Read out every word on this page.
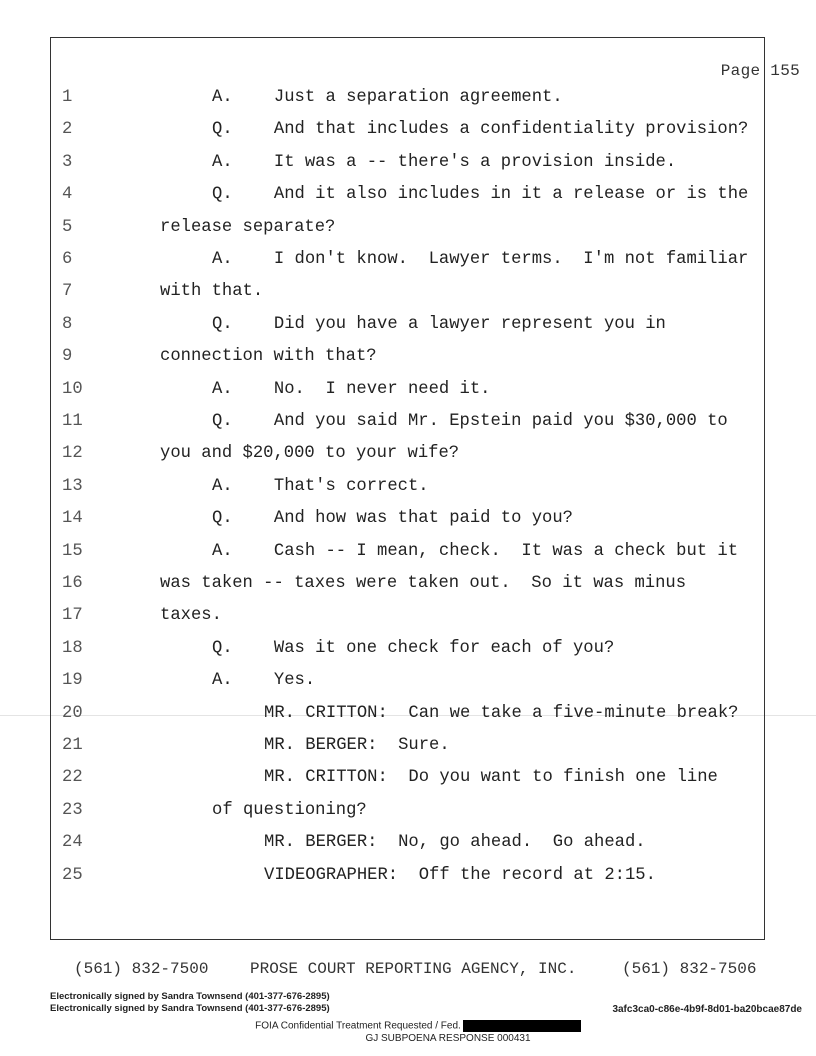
Page 155
1	A.    Just a separation agreement.
2	Q.    And that includes a confidentiality provision?
3	A.    It was a -- there's a provision inside.
4	Q.    And it also includes in it a release or is the
5	release separate?
6	A.    I don't know.  Lawyer terms.  I'm not familiar
7	with that.
8	Q.    Did you have a lawyer represent you in
9	connection with that?
10	A.    No.  I never need it.
11	Q.    And you said Mr. Epstein paid you $30,000 to
12	you and $20,000 to your wife?
13	A.    That's correct.
14	Q.    And how was that paid to you?
15	A.    Cash -- I mean, check.  It was a check but it
16	was taken -- taxes were taken out.  So it was minus
17	taxes.
18	Q.    Was it one check for each of you?
19	A.    Yes.
20	MR. CRITTON:  Can we take a five-minute break?
21	MR. BERGER:  Sure.
22	MR. CRITTON:  Do you want to finish one line
23	of questioning?
24	MR. BERGER:  No, go ahead.  Go ahead.
25	VIDEOGRAPHER:  Off the record at 2:15.
(561) 832-7500	PROSE COURT REPORTING AGENCY, INC.	(561) 832-7506
Electronically signed by Sandra Townsend (401-377-676-2895)
Electronically signed by Sandra Townsend (401-377-676-2895)	3afc3ca0-c86e-4b9f-8d01-ba20bcae87de
FOIA Confidential Treatment Requested / Fed.
GJ SUBPOENA RESPONSE 000431
